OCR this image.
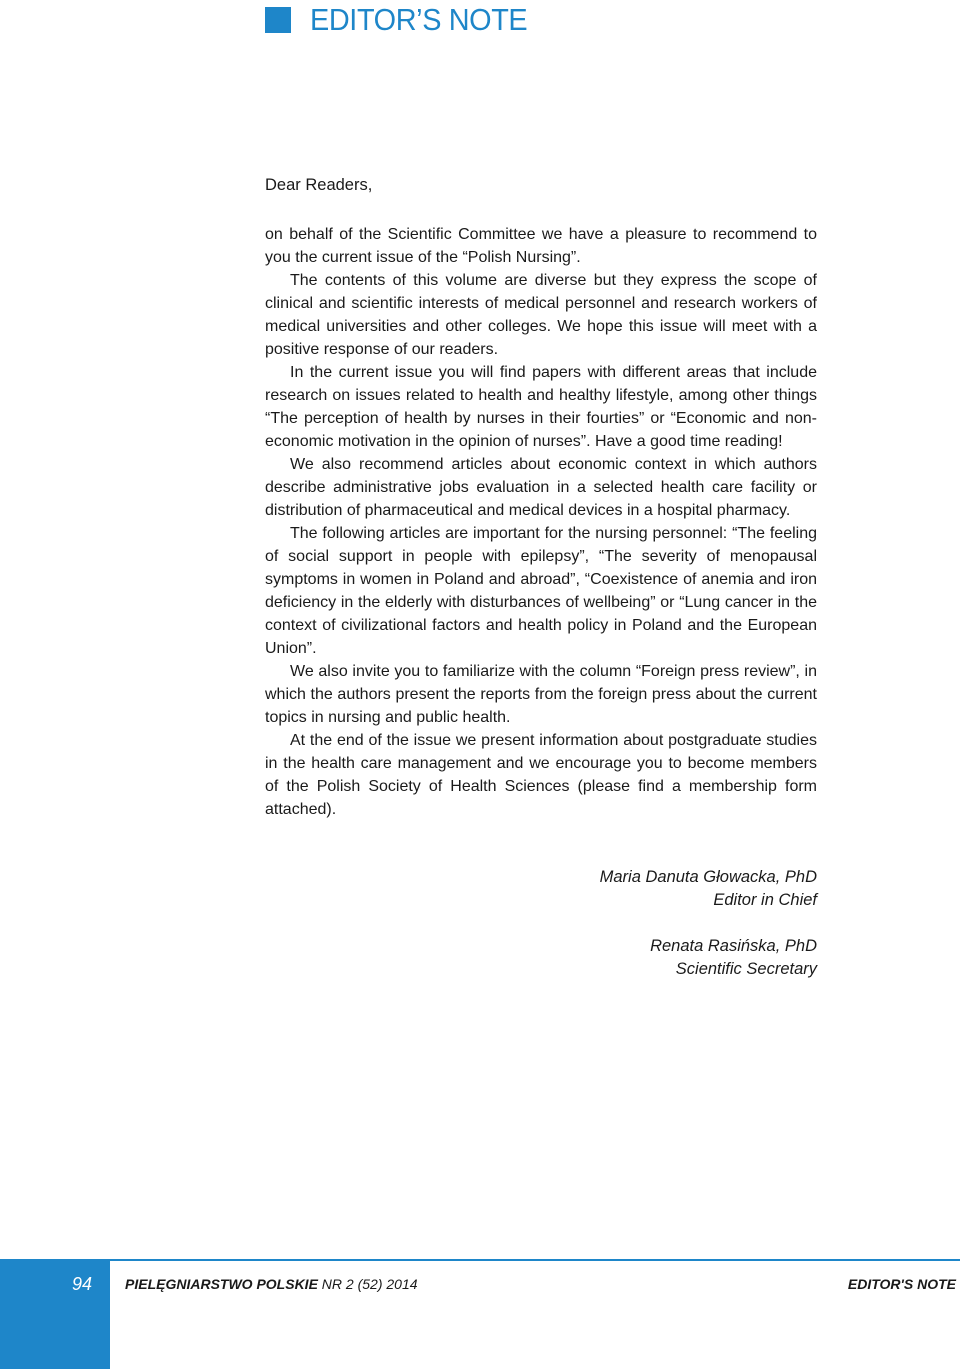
EDITOR’S NOTE

Dear Readers,

on behalf of the Scientific Committee we have a pleasure to recommend to you the current issue of the “Polish Nursing”.

The contents of this volume are diverse but they express the scope of clinical and scientific interests of medical personnel and research workers of medical universities and other colleges. We hope this issue will meet with a positive response of our readers.

In the current issue you will find papers with different areas that include research on issues related to health and healthy lifestyle, among other things “The perception of health by nurses in their fourties” or “Economic and non-economic motivation in the opinion of nurses”. Have a good time reading!

We also recommend articles about economic context in which authors describe administrative jobs evaluation in a selected health care facility or distribution of pharmaceutical and medical devices in a hospital pharmacy.

The following articles are important for the nursing personnel: “The feeling of social support in people with epilepsy”, “The severity of menopausal symptoms in women in Poland and abroad”, “Coexistence of anemia and iron deficiency in the elderly with disturbances of wellbeing” or “Lung cancer in the context of civilizational factors and health policy in Poland and the European Union”.

We also invite you to familiarize with the column “Foreign press review”, in which the authors present the reports from the foreign press about the current topics in nursing and public health.

At the end of the issue we present information about postgraduate studies in the health care management and we encourage you to become members of the Polish Society of Health Sciences (please find a membership form attached).

Maria Danuta Głowacka, PhD
Editor in Chief
Renata Rasińska, PhD
Scientific Secretary
94 PIELĘGNIARSTWO POLSKIE NR 2 (52) 2014	EDITOR'S NOTE
